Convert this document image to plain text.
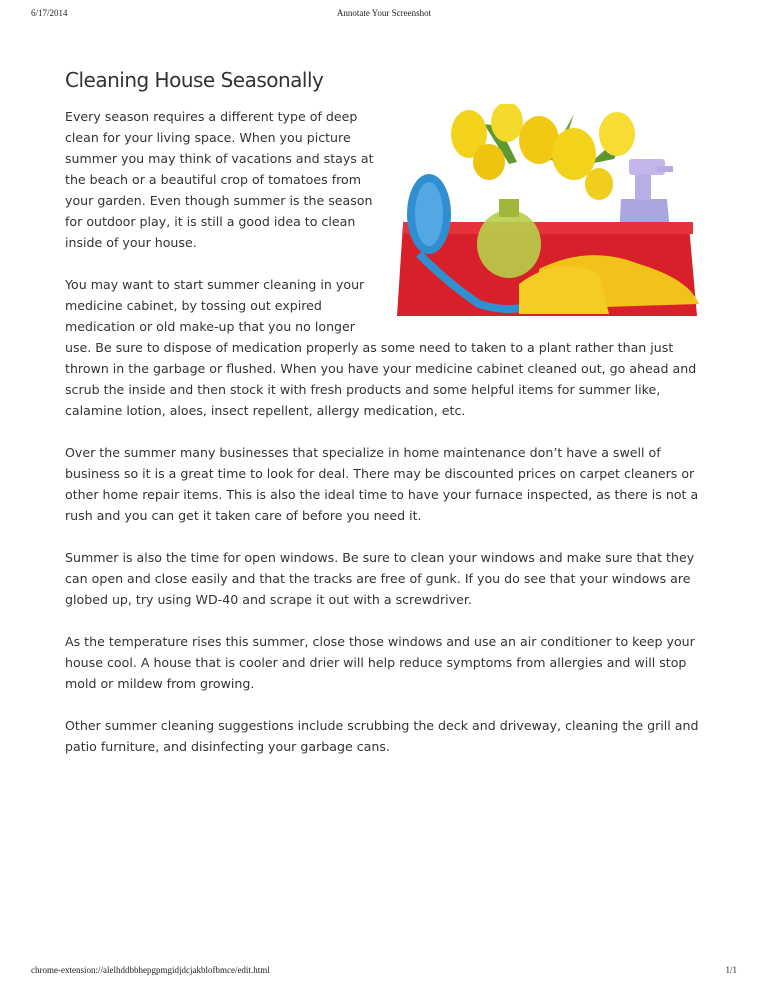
6/17/2014	Annotate Your Screenshot
Cleaning House Seasonally

Every season requires a different type of deep clean for your living space. When you picture summer you may think of vacations and stays at the beach or a beautiful crop of tomatoes from your garden. Even though summer is the season for outdoor play, it is still a good idea to clean inside of your house.

You may want to start summer cleaning in your medicine cabinet, by tossing out expired medication or old make-up that you no longer use. Be sure to dispose of medication properly as some need to taken to a plant rather than just thrown in the garbage or flushed. When you have your medicine cabinet cleaned out, go ahead and scrub the inside and then stock it with fresh products and some helpful items for summer like, calamine lotion, aloes, insect repellent, allergy medication, etc.

Over the summer many businesses that specialize in home maintenance don’t have a swell of business so it is a great time to look for deal. There may be discounted prices on carpet cleaners or other home repair items. This is also the ideal time to have your furnace inspected, as there is not a rush and you can get it taken care of before you need it.

Summer is also the time for open windows. Be sure to clean your windows and make sure that they can open and close easily and that the tracks are free of gunk. If you do see that your windows are globed up, try using WD-40 and scrape it out with a screwdriver.

As the temperature rises this summer, close those windows and use an air conditioner to keep your house cool. A house that is cooler and drier will help reduce symptoms from allergies and will stop mold or mildew from growing.

Other summer cleaning suggestions include scrubbing the deck and driveway, cleaning the grill and patio furniture, and disinfecting your garbage cans.

chrome-extension://alelhddbbhepgpmgidjdcjakblofbmce/edit.html	1/1
